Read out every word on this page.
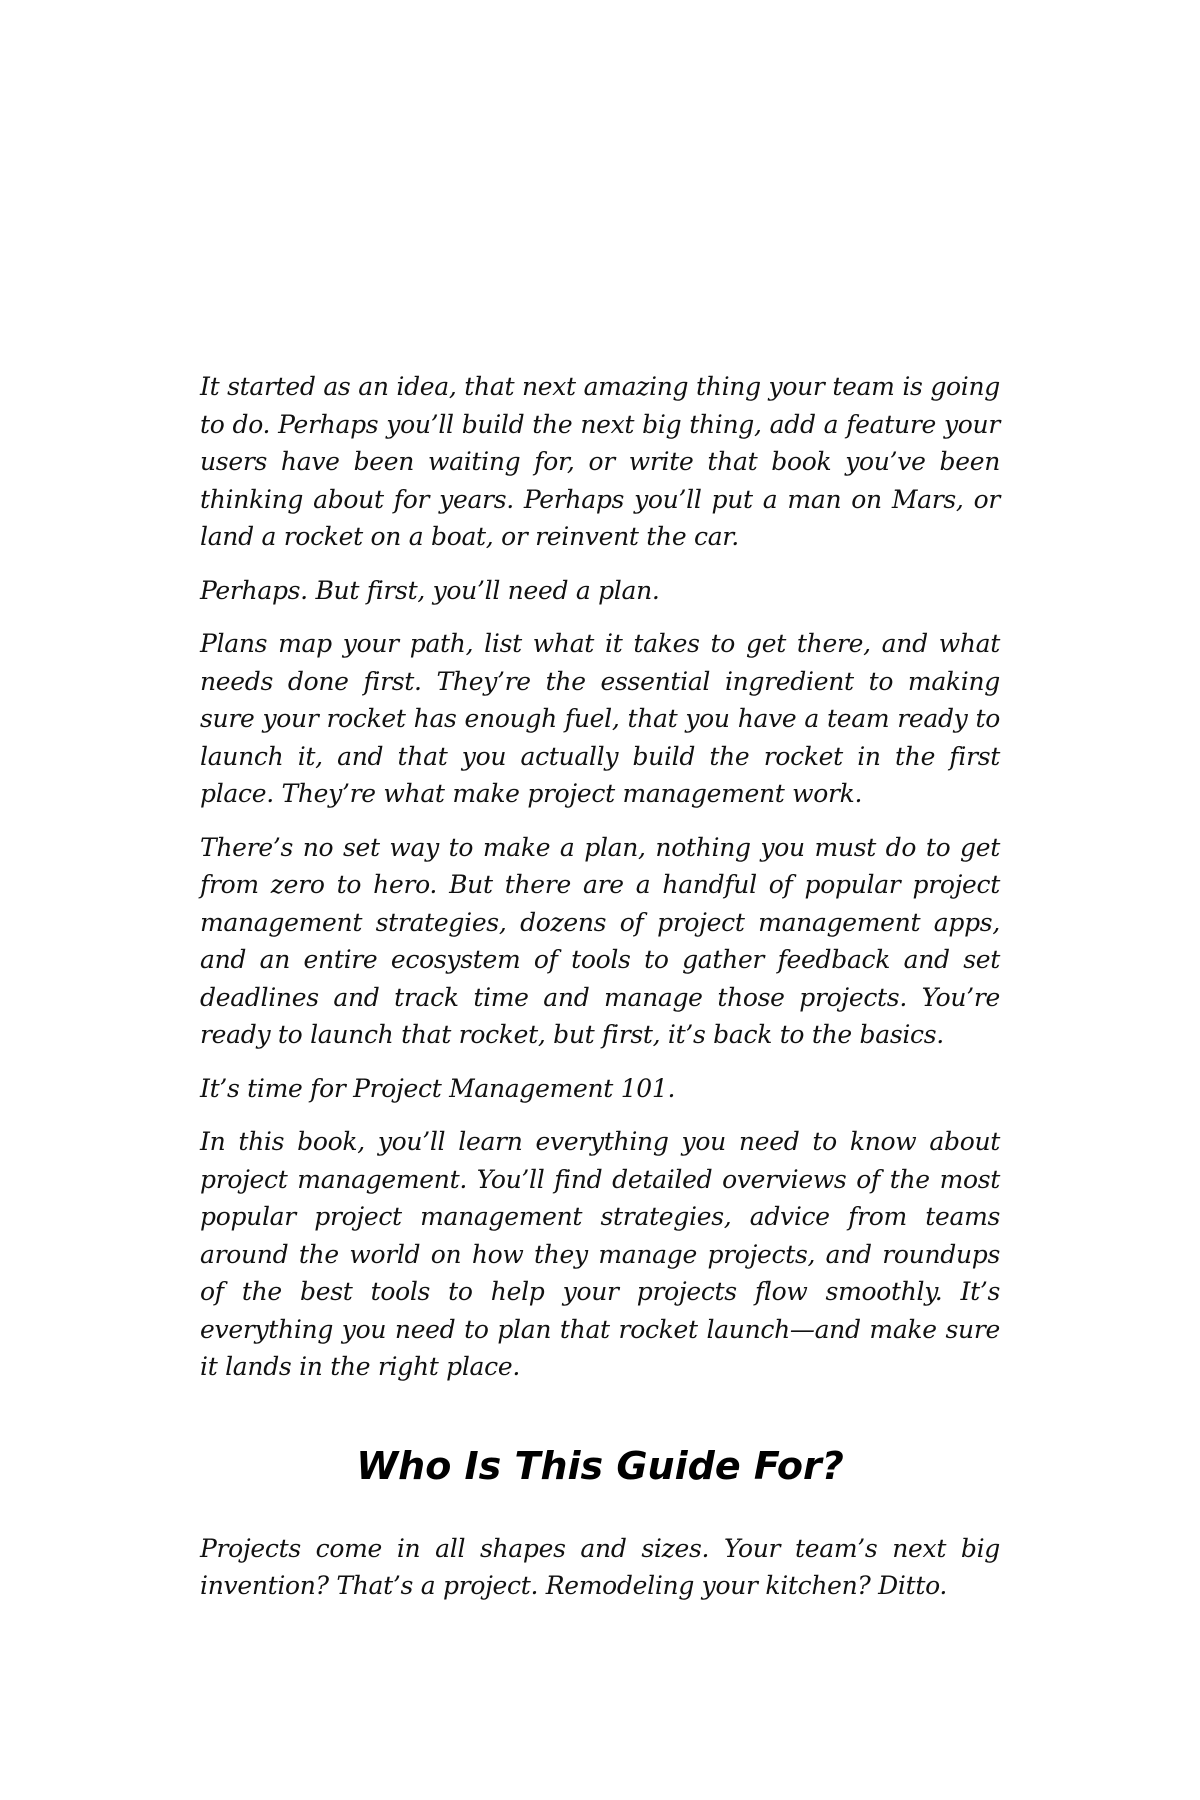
It started as an idea, that next amazing thing your team is going to do. Perhaps you’ll build the next big thing, add a feature your users have been waiting for, or write that book you’ve been thinking about for years. Perhaps you’ll put a man on Mars, or land a rocket on a boat, or reinvent the car.

Perhaps. But first, you’ll need a plan.

Plans map your path, list what it takes to get there, and what needs done first. They’re the essential ingredient to making sure your rocket has enough fuel, that you have a team ready to launch it, and that you actually build the rocket in the first place. They’re what make project management work.

There’s no set way to make a plan, nothing you must do to get from zero to hero. But there are a handful of popular project management strategies, dozens of project management apps, and an entire ecosystem of tools to gather feedback and set deadlines and track time and manage those projects. You’re ready to launch that rocket, but first, it’s back to the basics.

It’s time for Project Management 101.

In this book, you’ll learn everything you need to know about project management. You’ll find detailed overviews of the most popular project management strategies, advice from teams around the world on how they manage projects, and roundups of the best tools to help your projects flow smoothly. It’s everything you need to plan that rocket launch—and make sure it lands in the right place.

Who Is This Guide For?

Projects come in all shapes and sizes. Your team’s next big invention? That’s a project. Remodeling your kitchen? Ditto.
